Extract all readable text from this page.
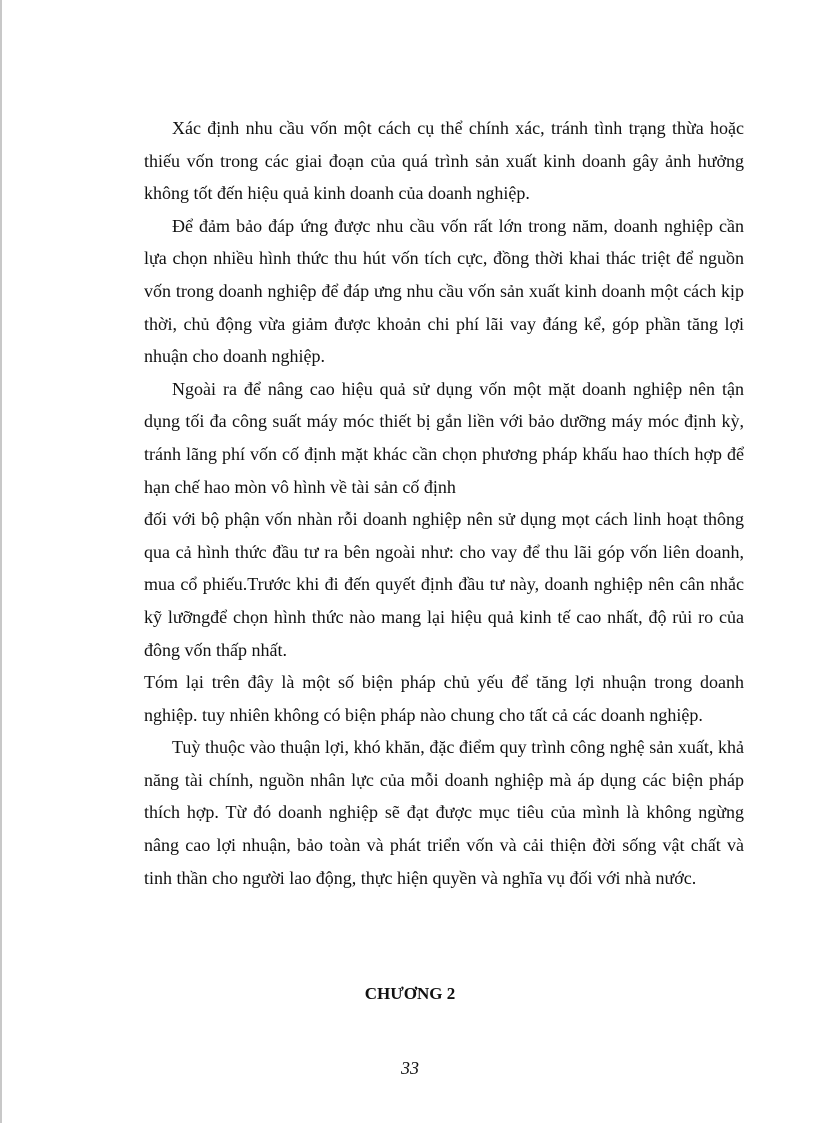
Xác định nhu cầu vốn một cách cụ thể chính xác, tránh tình trạng thừa hoặc thiếu vốn trong các giai đoạn của quá trình sản xuất kinh doanh gây ảnh hưởng không tốt đến hiệu quả kinh doanh của doanh nghiệp.

Để đảm bảo đáp ứng được nhu cầu vốn rất lớn trong năm, doanh nghiệp cần lựa chọn nhiều hình thức thu hút vốn tích cực, đồng thời khai thác triệt để nguồn vốn trong doanh nghiệp để đáp ưng nhu cầu vốn sản xuất kinh doanh một cách kịp thời, chủ động vừa giảm được khoản chi phí lãi vay đáng kể, góp phần tăng lợi nhuận cho doanh nghiệp.

Ngoài ra để nâng cao hiệu quả sử dụng vốn một mặt doanh nghiệp nên tận dụng tối đa công suất máy móc thiết bị gắn liền với bảo dưỡng máy móc định kỳ, tránh lãng phí vốn cố định mặt khác cần chọn phương pháp khấu hao thích hợp để hạn chế hao mòn vô hình về tài sản cố định

đối với bộ phận vốn nhàn rỗi doanh nghiệp nên sử dụng mọt cách linh hoạt thông qua cả hình thức đầu tư ra bên ngoài như: cho vay để thu lãi góp vốn liên doanh, mua cổ phiếu.Trước khi đi đến quyết định đầu tư này, doanh nghiệp nên cân nhắc kỹ lưỡngđể chọn hình thức nào mang lại hiệu quả kinh tế cao nhất, độ rủi ro của đông vốn thấp nhất.

Tóm lại trên đây là một số biện pháp chủ yếu để tăng lợi nhuận trong doanh nghiệp. tuy nhiên không có biện pháp nào chung cho tất cả các doanh nghiệp.

Tuỳ thuộc vào thuận lợi, khó khăn, đặc điểm quy trình công nghệ sản xuất, khả năng tài chính, nguồn nhân lực của mỗi doanh nghiệp mà áp dụng các biện pháp thích hợp. Từ đó doanh nghiệp sẽ đạt được mục tiêu của mình là không ngừng nâng cao lợi nhuận, bảo toàn và phát triển vốn và cải thiện đời sống vật chất và tinh thần cho người lao động, thực hiện quyền và nghĩa vụ đối với nhà nước.

CHƯƠNG 2
33
